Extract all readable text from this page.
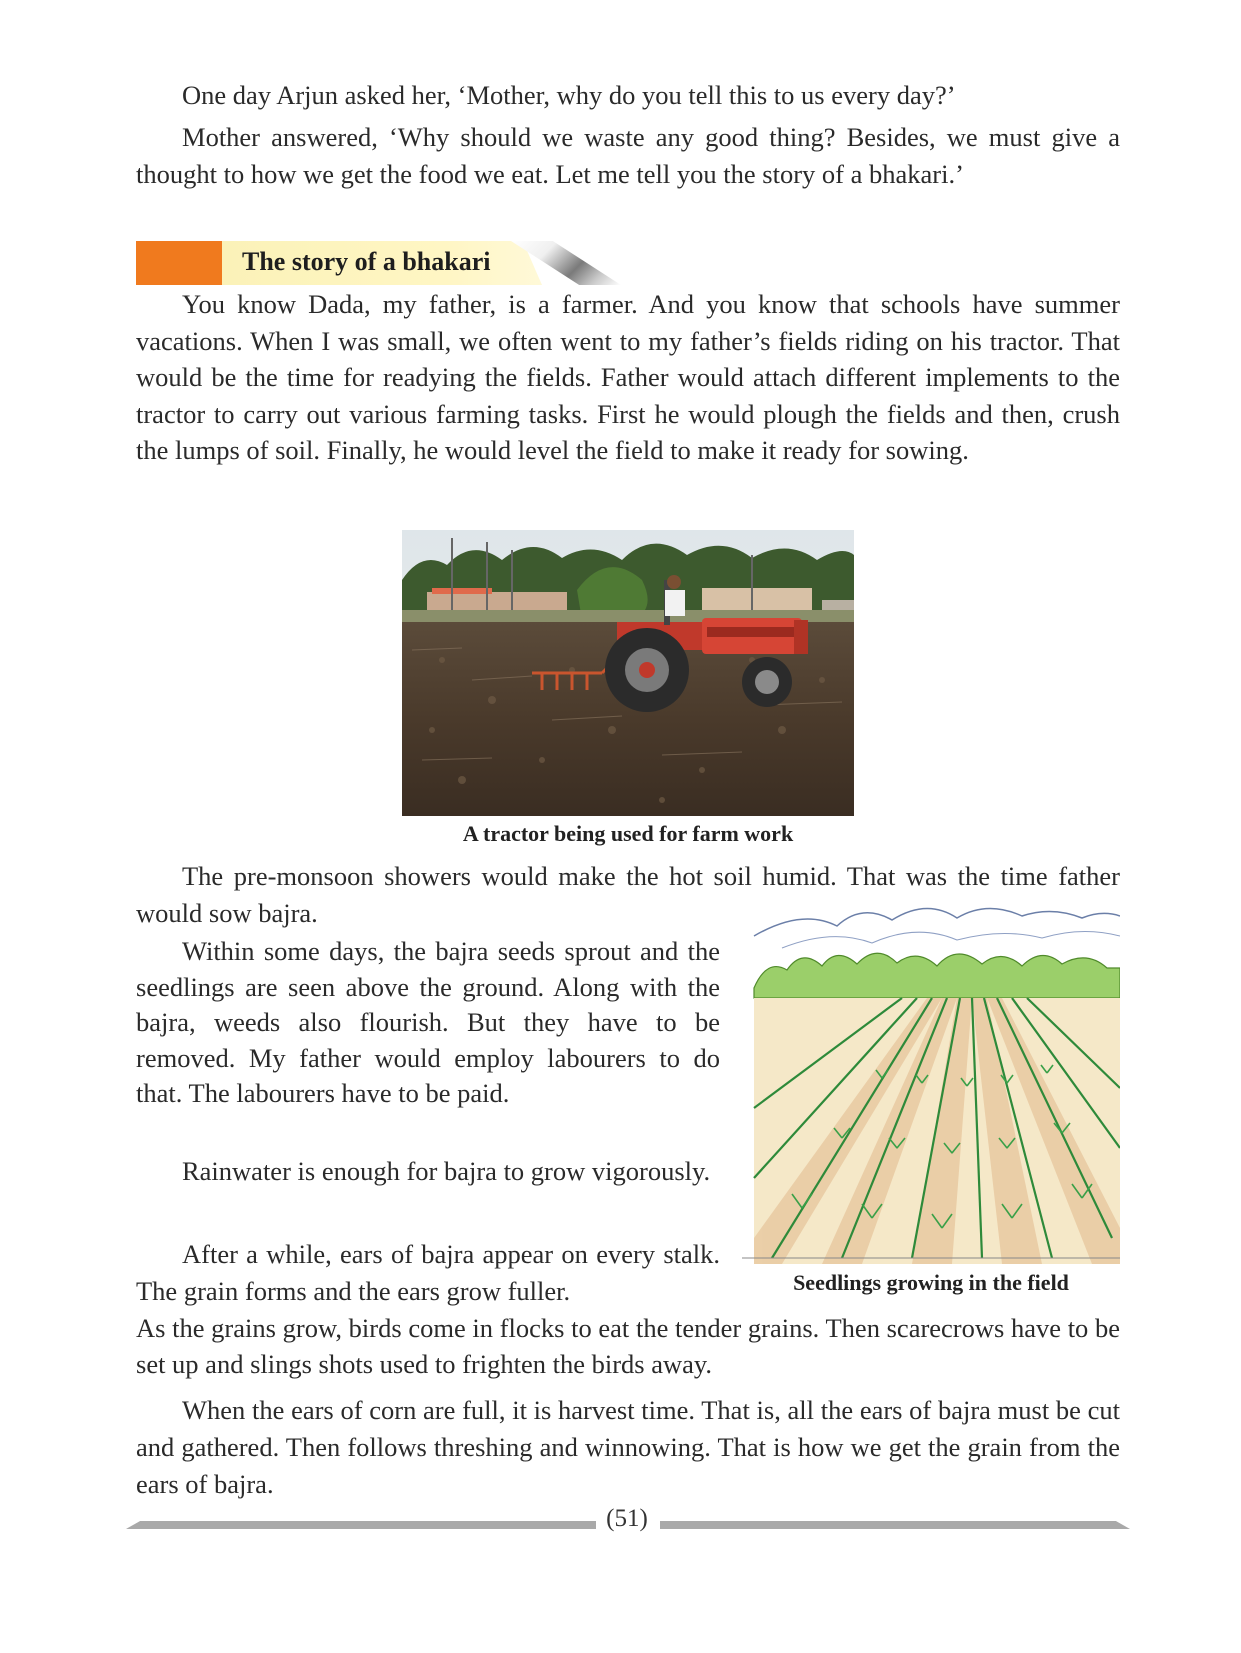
One day Arjun asked her, ‘Mother, why do you tell this to us every day?’

Mother answered, ‘Why should we waste any good thing? Besides, we must give a thought to how we get the food we eat. Let me tell you the story of a bhakari.’

The story of a bhakari

You know Dada, my father, is a farmer. And you know that schools have summer vacations. When I was small, we often went to my father’s fields riding on his tractor. That would be the time for readying the fields. Father would attach different implements to the tractor to carry out various farming tasks. First he would plough the fields and then, crush the lumps of soil. Finally, he would level the field to make it ready for sowing.

A tractor being used for farm work

The pre-monsoon showers would make the hot soil humid. That was the time father would sow bajra.

Seedlings growing in the field

Within some days, the bajra seeds sprout and the seedlings are seen above the ground. Along with the bajra, weeds also flourish. But they have to be removed. My father would employ labourers to do that. The labourers have to be paid.

Rainwater is enough for bajra to grow vigorously.

After a while, ears of bajra appear on every stalk. The grain forms and the ears grow fuller.

As the grains grow, birds come in flocks to eat the tender grains. Then scarecrows have to be set up and slings shots used to frighten the birds away.

When the ears of corn are full, it is harvest time. That is, all the ears of bajra must be cut and gathered. Then follows threshing and winnowing. That is how we get the grain from the ears of bajra.

(51)
